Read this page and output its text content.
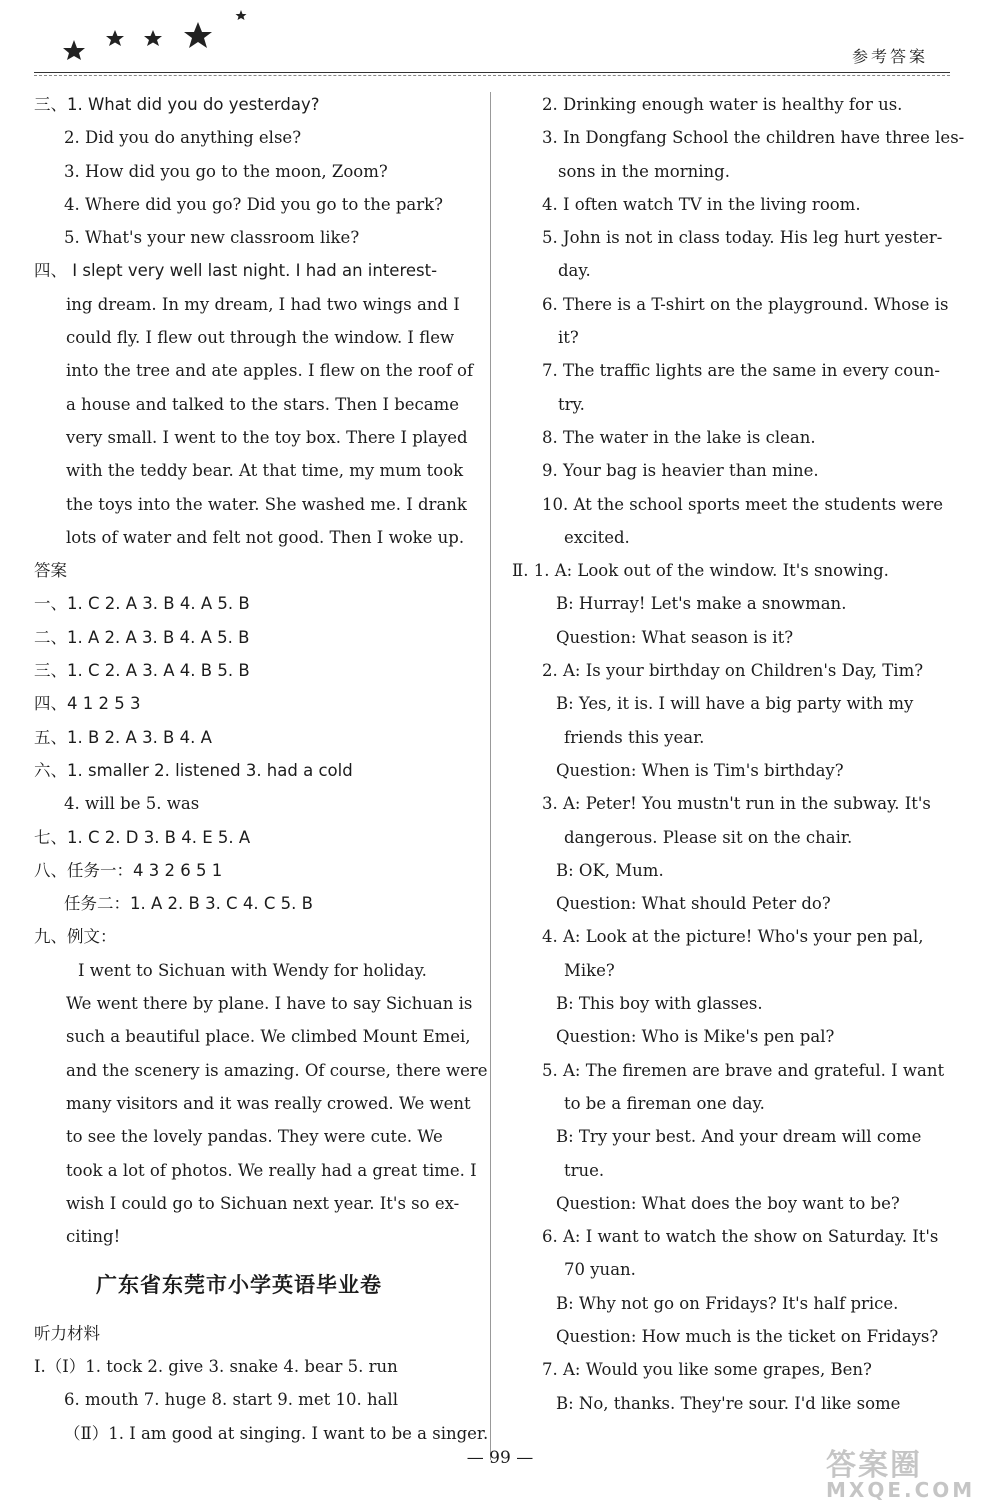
参考答案
三、1. What did you do yesterday?
2. Did you do anything else?
3. How did you go to the moon, Zoom?
4. Where did you go? Did you go to the park?
5. What's your new classroom like?
四、 I slept very well last night. I had an interest-
ing dream. In my dream, I had two wings and I
could fly. I flew out through the window. I flew
into the tree and ate apples. I flew on the roof of
a house and talked to the stars. Then I became
very small. I went to the toy box. There I played
with the teddy bear. At that time, my mum took
the toys into the water. She washed me. I drank
lots of water and felt not good. Then I woke up.
答案
一、1. C 2. A 3. B 4. A 5. B
二、1. A 2. A 3. B 4. A 5. B
三、1. C 2. A 3. A 4. B 5. B
四、4 1 2 5 3
五、1. B 2. A 3. B 4. A
六、1. smaller 2. listened 3. had a cold
4. will be 5. was
七、1. C 2. D 3. B 4. E 5. A
八、任务一：4 3 2 6 5 1
任务二：1. A 2. B 3. C 4. C 5. B
九、例文：
I went to Sichuan with Wendy for holiday.
We went there by plane. I have to say Sichuan is
such a beautiful place. We climbed Mount Emei,
and the scenery is amazing. Of course, there were
many visitors and it was really crowed. We went
to see the lovely pandas. They were cute. We
took a lot of photos. We really had a great time. I
wish I could go to Sichuan next year. It's so ex-
citing!
广东省东莞市小学英语毕业卷
听力材料
Ⅰ.（Ⅰ）1. tock 2. give 3. snake 4. bear 5. run
6. mouth 7. huge 8. start 9. met 10. hall
（Ⅱ）1. I am good at singing. I want to be a singer.
2. Drinking enough water is healthy for us.
3. In Dongfang School the children have three les-
sons in the morning.
4. I often watch TV in the living room.
5. John is not in class today. His leg hurt yester-
day.
6. There is a T-shirt on the playground. Whose is
it?
7. The traffic lights are the same in every coun-
try.
8. The water in the lake is clean.
9. Your bag is heavier than mine.
10. At the school sports meet the students were
excited.
Ⅱ. 1. A: Look out of the window. It's snowing.
B: Hurray! Let's make a snowman.
Question: What season is it?
2. A: Is your birthday on Children's Day, Tim?
B: Yes, it is. I will have a big party with my
friends this year.
Question: When is Tim's birthday?
3. A: Peter! You mustn't run in the subway. It's
dangerous. Please sit on the chair.
B: OK, Mum.
Question: What should Peter do?
4. A: Look at the picture! Who's your pen pal,
Mike?
B: This boy with glasses.
Question: Who is Mike's pen pal?
5. A: The firemen are brave and grateful. I want
to be a fireman one day.
B: Try your best. And your dream will come
true.
Question: What does the boy want to be?
6. A: I want to watch the show on Saturday. It's
70 yuan.
B: Why not go on Fridays? It's half price.
Question: How much is the ticket on Fridays?
7. A: Would you like some grapes, Ben?
B: No, thanks. They're sour. I'd like some
— 99 —	答案圈
MXQE.COM
